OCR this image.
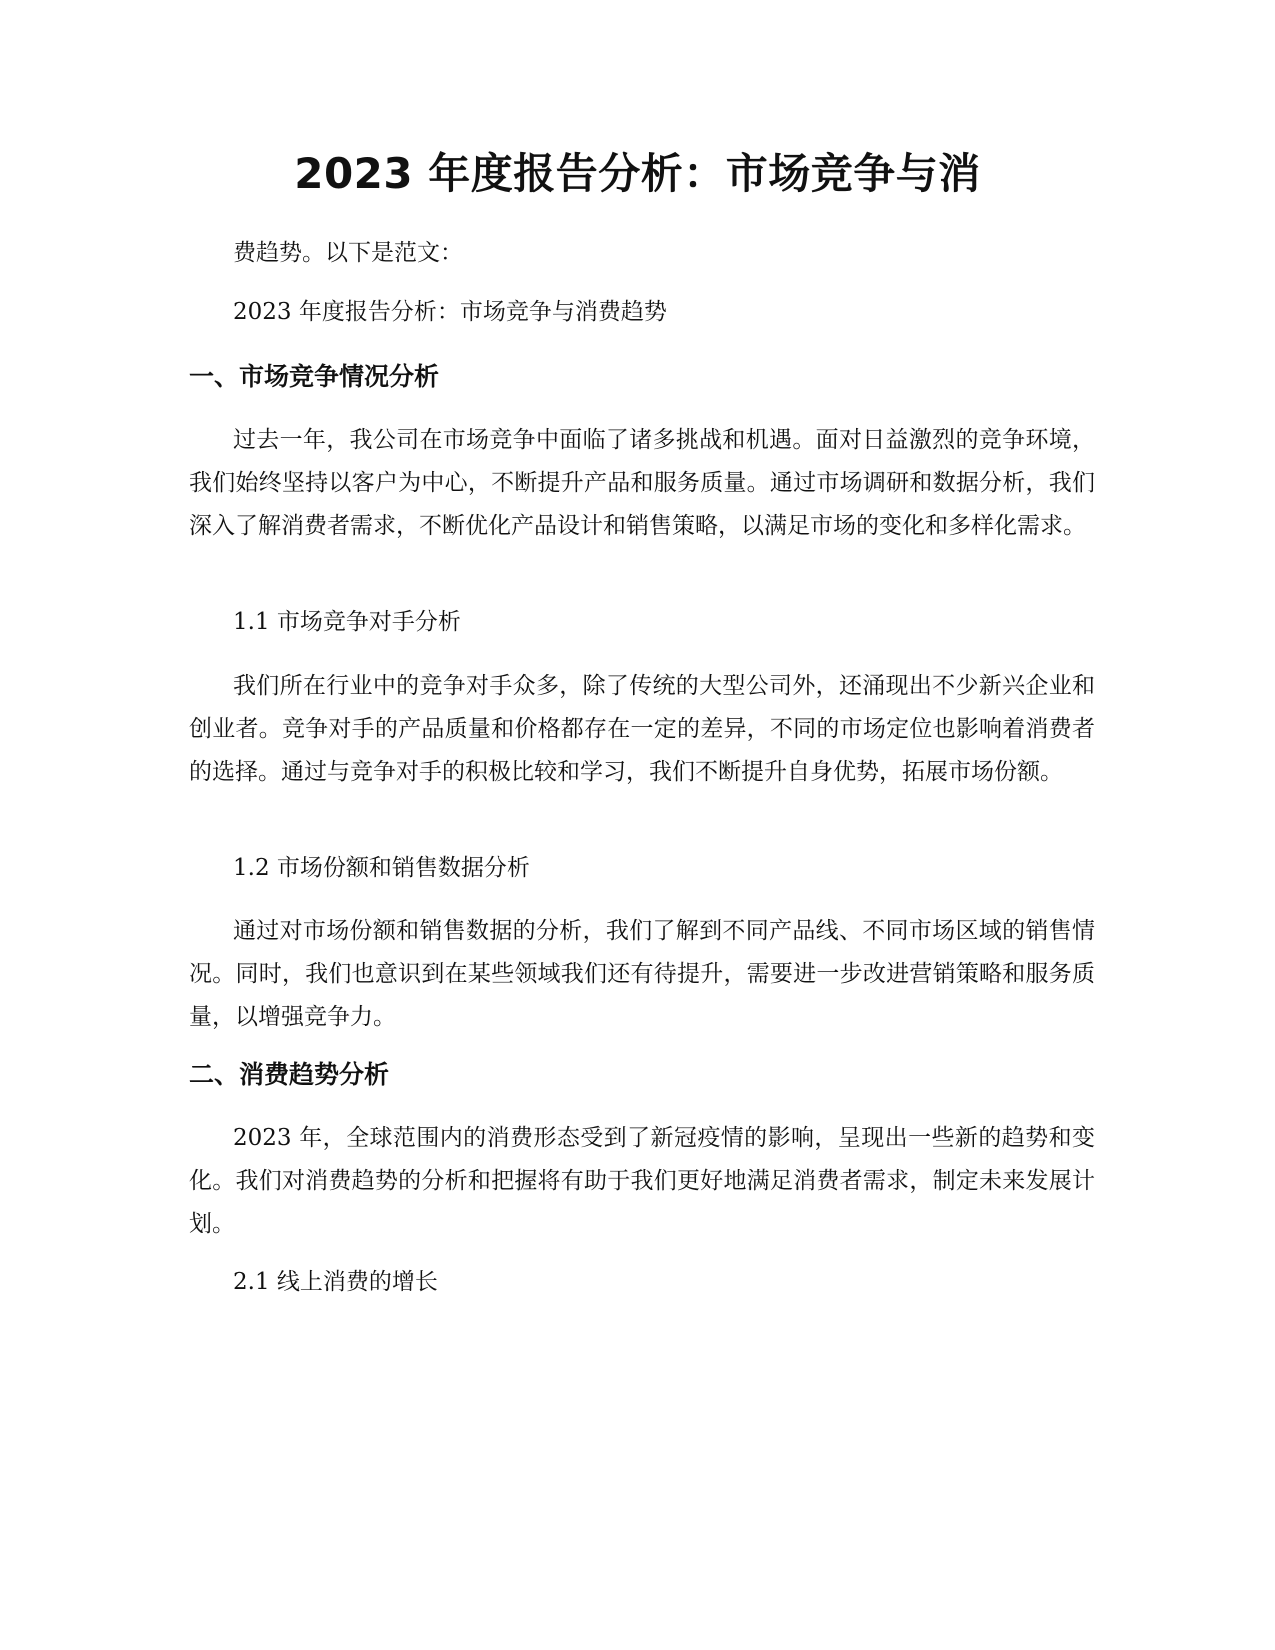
2023 年度报告分析：市场竞争与消

费趋势。以下是范文：

2023 年度报告分析：市场竞争与消费趋势

一、市场竞争情况分析

过去一年，我公司在市场竞争中面临了诸多挑战和机遇。面对日益激烈的竞争环境，我们始终坚持以客户为中心，不断提升产品和服务质量。通过市场调研和数据分析，我们深入了解消费者需求，不断优化产品设计和销售策略，以满足市场的变化和多样化需求。

1.1 市场竞争对手分析

我们所在行业中的竞争对手众多，除了传统的大型公司外，还涌现出不少新兴企业和创业者。竞争对手的产品质量和价格都存在一定的差异，不同的市场定位也影响着消费者的选择。通过与竞争对手的积极比较和学习，我们不断提升自身优势，拓展市场份额。

1.2 市场份额和销售数据分析

通过对市场份额和销售数据的分析，我们了解到不同产品线、不同市场区域的销售情况。同时，我们也意识到在某些领域我们还有待提升，需要进一步改进营销策略和服务质量，以增强竞争力。

二、消费趋势分析

2023 年，全球范围内的消费形态受到了新冠疫情的影响，呈现出一些新的趋势和变化。我们对消费趋势的分析和把握将有助于我们更好地满足消费者需求，制定未来发展计划。

2.1 线上消费的增长
